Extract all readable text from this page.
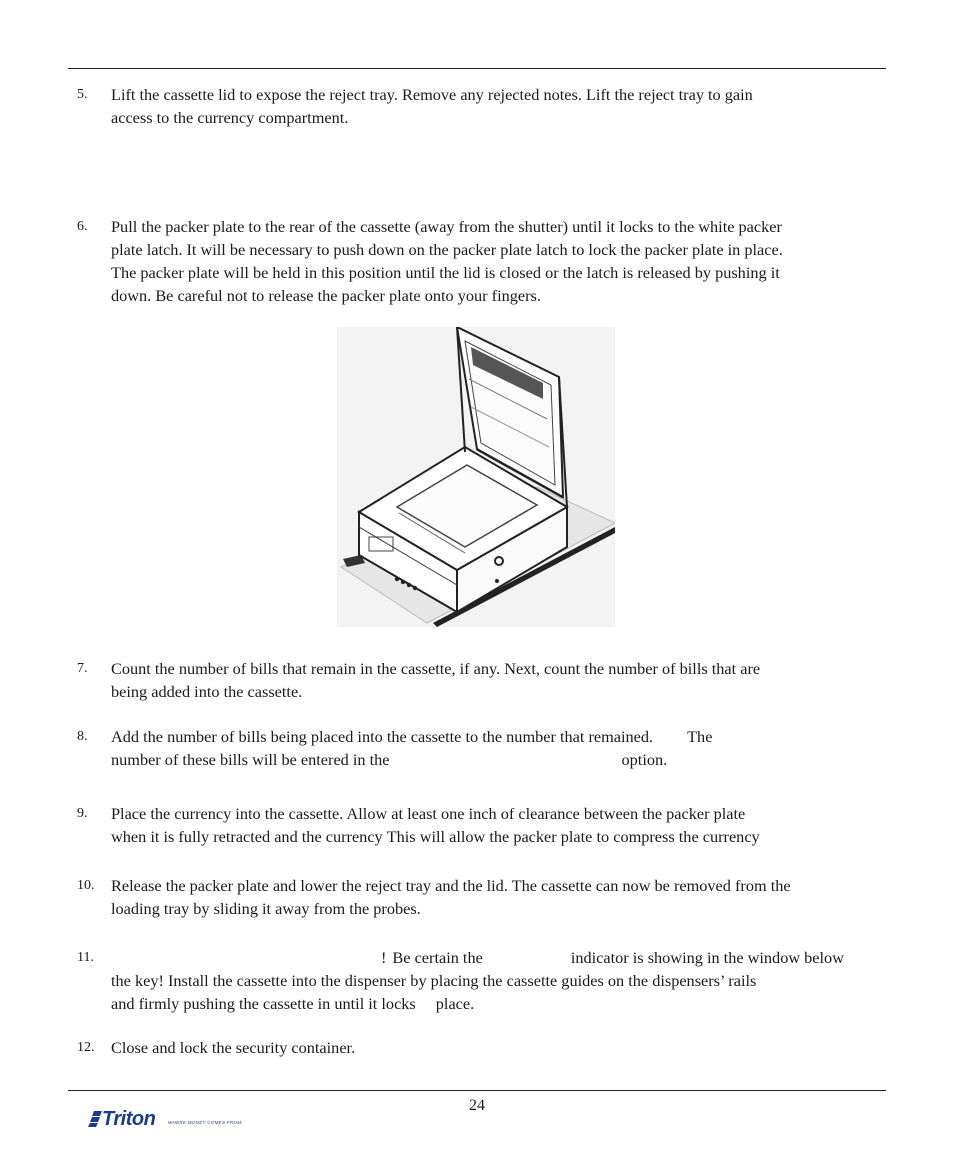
5. Lift the cassette lid to expose the reject tray. Remove any rejected notes. Lift the reject tray to gain
access to the currency compartment.
6. Pull the packer plate to the rear of the cassette (away from the shutter) until it locks to the white packer
plate latch. It will be necessary to push down on the packer plate latch to lock the packer plate in place.
The packer plate will be held in this position until the lid is closed or the latch is released by pushing it
down. Be careful not to release the packer plate onto your fingers.
7. Count the number of bills that remain in the cassette, if any. Next, count the number of bills that are
being added into the cassette.
8. Add the number of bills being placed into the cassette to the number that remained. The
number of these bills will be entered in the	option.
9. Place the currency into the cassette. Allow at least one inch of clearance between the packer plate
when it is fully retracted and the currency This will allow the packer plate to compress the currency
10. Release the packer plate and lower the reject tray and the lid. The cassette can now be removed from the
loading tray by sliding it away from the probes.
11.	! Be certain the	indicator is showing in the window below
the key! Install the cassette into the dispenser by placing the cassette guides on the dispensers’ rails
and firmly pushing the cassette in until it locks place.
12. Close and lock the security container.
24
Triton	WHERE MONEY COMES FROM.
